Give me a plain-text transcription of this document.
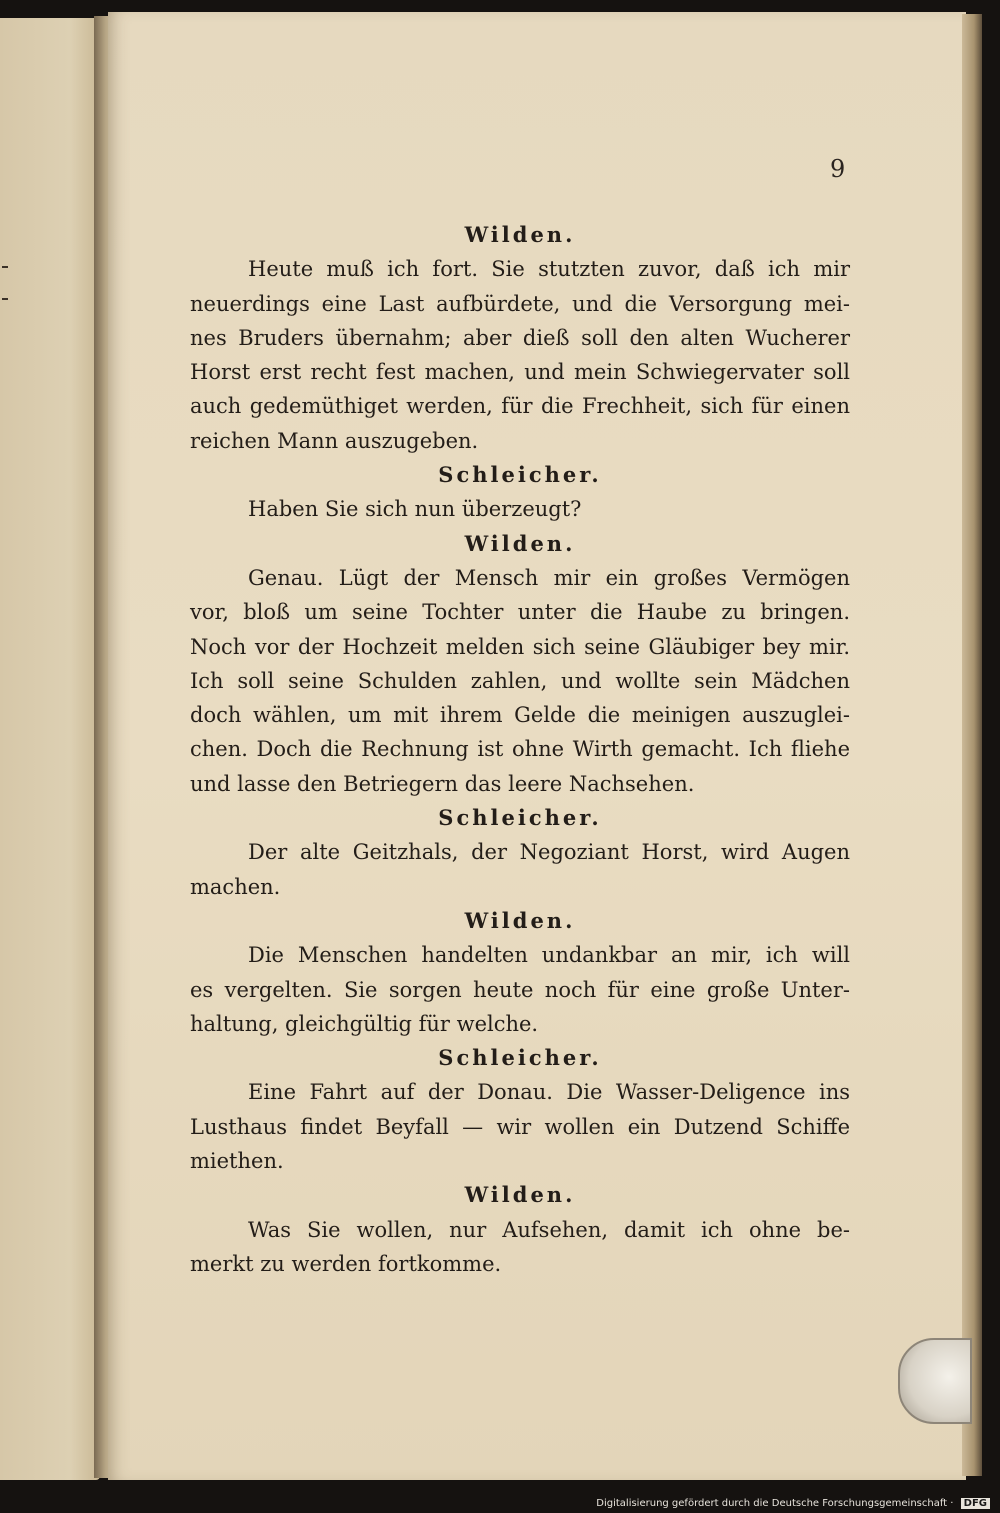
9
Wilden.
Heute muß ich fort. Sie stutzten zuvor, daß ich mir
neuerdings eine Last aufbürdete, und die Versorgung mei-
nes Bruders übernahm; aber dieß soll den alten Wucherer
Horst erst recht fest machen, und mein Schwiegervater soll
auch gedemüthiget werden, für die Frechheit, sich für einen
reichen Mann auszugeben.
Schleicher.
Haben Sie sich nun überzeugt?
Wilden.
Genau. Lügt der Mensch mir ein großes Vermögen
vor, bloß um seine Tochter unter die Haube zu bringen.
Noch vor der Hochzeit melden sich seine Gläubiger bey mir.
Ich soll seine Schulden zahlen, und wollte sein Mädchen
doch wählen, um mit ihrem Gelde die meinigen auszuglei-
chen. Doch die Rechnung ist ohne Wirth gemacht. Ich fliehe
und lasse den Betriegern das leere Nachsehen.
Schleicher.
Der alte Geitzhals, der Negoziant Horst, wird Augen
machen.
Wilden.
Die Menschen handelten undankbar an mir, ich will
es vergelten. Sie sorgen heute noch für eine große Unter-
haltung, gleichgültig für welche.
Schleicher.
Eine Fahrt auf der Donau. Die Wasser-Deligence ins
Lusthaus findet Beyfall — wir wollen ein Dutzend Schiffe
miethen.
Wilden.
Was Sie wollen, nur Aufsehen, damit ich ohne be-
merkt zu werden fortkomme.
Digitalisierung gefördert durch die Deutsche Forschungsgemeinschaft · DFG
